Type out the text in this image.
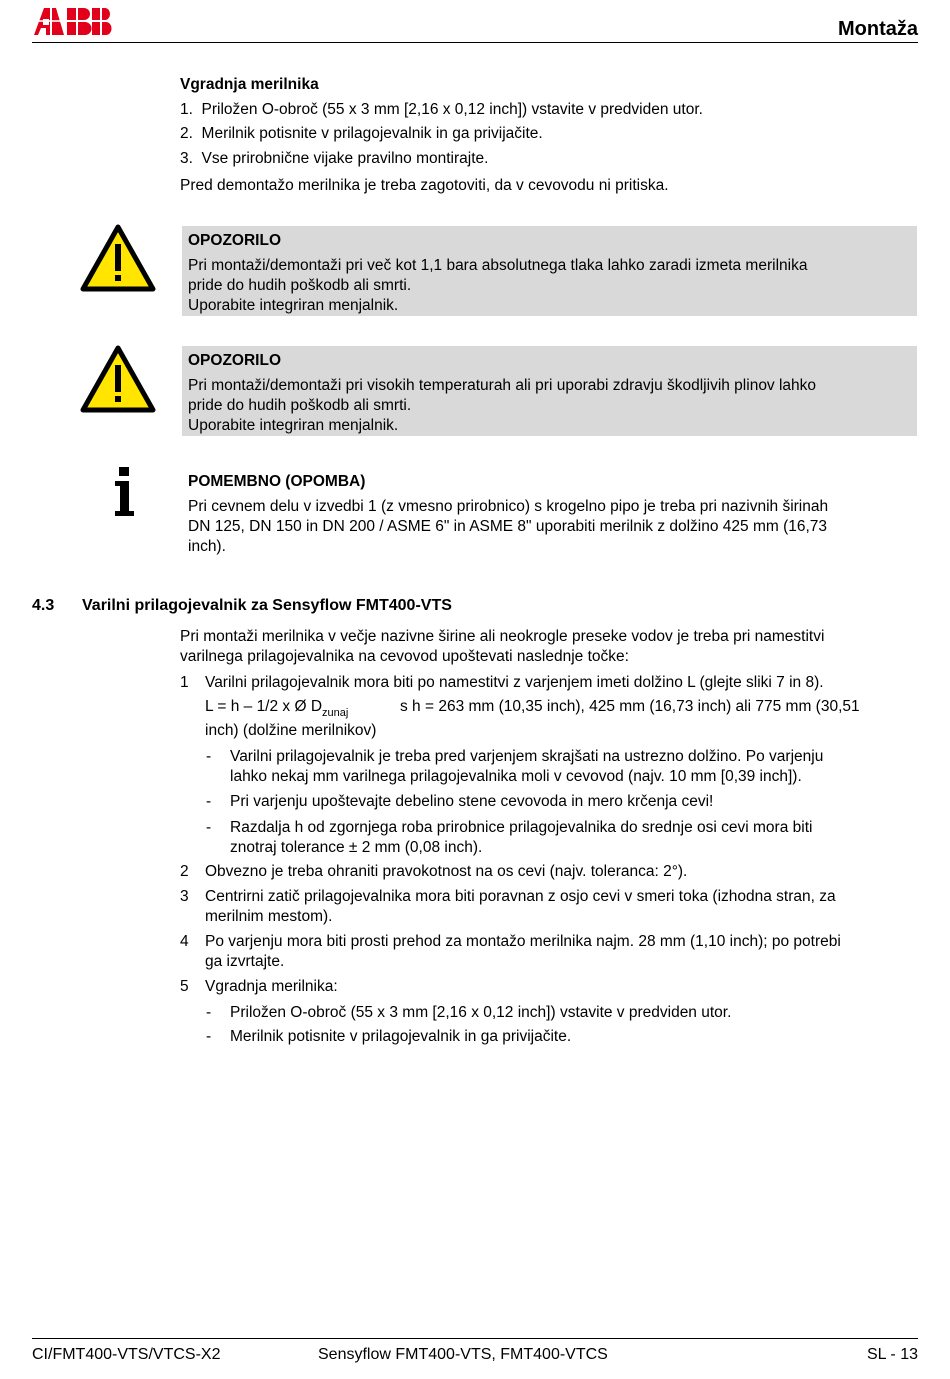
Montaža
Vgradnja merilnika
1.  Priložen O-obroč (55 x 3 mm [2,16 x 0,12 inch]) vstavite v predviden utor.
2.  Merilnik potisnite v prilagojevalnik in ga privijačite.
3.  Vse prirobnične vijake pravilno montirajte.
Pred demontažo merilnika je treba zagotoviti, da v cevovodu ni pritiska.
OPOZORILO
Pri montaži/demontaži pri več kot 1,1 bara absolutnega tlaka lahko zaradi izmeta merilnika
pride do hudih poškodb ali smrti.
Uporabite integriran menjalnik.
OPOZORILO
Pri montaži/demontaži pri visokih temperaturah ali pri uporabi zdravju škodljivih plinov lahko
pride do hudih poškodb ali smrti.
Uporabite integriran menjalnik.
POMEMBNO (OPOMBA)
Pri cevnem delu v izvedbi 1 (z vmesno prirobnico) s krogelno pipo je treba pri nazivnih širinah
DN 125, DN 150 in DN 200 / ASME 6" in ASME 8" uporabiti merilnik z dolžino 425 mm (16,73
inch).
4.3 Varilni prilagojevalnik za Sensyflow FMT400-VTS
Pri montaži merilnika v večje nazivne širine ali neokrogle preseke vodov je treba pri namestitvi
varilnega prilagojevalnika na cevovod upoštevati naslednje točke:
1 Varilni prilagojevalnik mora biti po namestitvi z varjenjem imeti dolžino L (glejte sliki 7 in 8).
L = h – 1/2 x Ø $D_{zunaj}$	s h = 263 mm (10,35 inch), 425 mm (16,73 inch) ali 775 mm (30,51
inch) (dolžine merilnikov)
- Varilni prilagojevalnik je treba pred varjenjem skrajšati na ustrezno dolžino. Po varjenju
lahko nekaj mm varilnega prilagojevalnika moli v cevovod (najv. 10 mm [0,39 inch]).
- Pri varjenju upoštevajte debelino stene cevovoda in mero krčenja cevi!
- Razdalja h od zgornjega roba prirobnice prilagojevalnika do srednje osi cevi mora biti
znotraj tolerance ± 2 mm (0,08 inch).
2 Obvezno je treba ohraniti pravokotnost na os cevi (najv. toleranca: 2°).
3 Centrirni zatič prilagojevalnika mora biti poravnan z osjo cevi v smeri toka (izhodna stran, za
merilnim mestom).
4 Po varjenju mora biti prosti prehod za montažo merilnika najm. 28 mm (1,10 inch); po potrebi
ga izvrtajte.
5 Vgradnja merilnika:
- Priložen O-obroč (55 x 3 mm [2,16 x 0,12 inch]) vstavite v predviden utor.
- Merilnik potisnite v prilagojevalnik in ga privijačite.
CI/FMT400-VTS/VTCS-X2	Sensyflow FMT400-VTS, FMT400-VTCS	SL - 13
